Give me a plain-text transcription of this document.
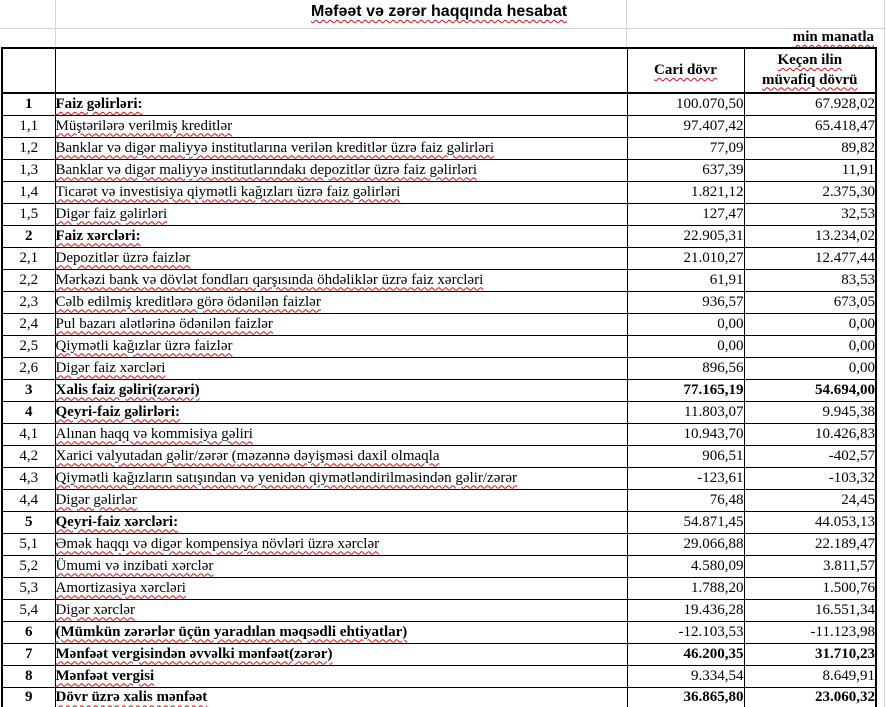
Məfəət və zərər haqqında hesabat
min manatla
		Cari dövr	Keçən ilin müvafiq dövrü
1	Faiz gəlirləri:	100.070,50	67.928,02
1,1	Müştərilərə verilmiş kreditlər	97.407,42	65.418,47
1,2	Banklar və digər maliyyə institutlarına verilən kreditlər üzrə faiz gəlirləri	77,09	89,82
1,3	Banklar və digər maliyyə institutlarındakı depozitlər üzrə faiz gəlirləri	637,39	11,91
1,4	Ticarət və investisiya qiymətli kağızları üzrə faiz gəlirləri	1.821,12	2.375,30
1,5	Digər faiz gəlirləri	127,47	32,53
2	Faiz xərcləri:	22.905,31	13.234,02
2,1	Depozitlər üzrə faizlər	21.010,27	12.477,44
2,2	Mərkəzi bank və dövlət fondları qarşısında öhdəliklər üzrə faiz xərcləri	61,91	83,53
2,3	Cəlb edilmiş kreditlərə görə ödənilən faizlər	936,57	673,05
2,4	Pul bazarı alətlərinə ödənilən faizlər	0,00	0,00
2,5	Qiymətli kağızlar üzrə faizlər	0,00	0,00
2,6	Digər faiz xərcləri	896,56	0,00
3	Xalis faiz gəliri(zərəri)	77.165,19	54.694,00
4	Qeyri-faiz gəlirləri:	11.803,07	9.945,38
4,1	Alınan haqq və kommisiya gəliri	10.943,70	10.426,83
4,2	Xarici valyutadan gəlir/zərər (məzənnə dəyişməsi daxil olmaqla	906,51	-402,57
4,3	Qiymətli kağızların satışından və yenidən qiymətləndirilməsindən gəlir/zərər	-123,61	-103,32
4,4	Digər gəlirlər	76,48	24,45
5	Qeyri-faiz xərcləri:	54.871,45	44.053,13
5,1	Əmək haqqı və digər kompensiya növləri üzrə xərclər	29.066,88	22.189,47
5,2	Ümumi və inzibati xərclər	4.580,09	3.811,57
5,3	Amortizasiya xərcləri	1.788,20	1.500,76
5,4	Digər xərclər	19.436,28	16.551,34
6	(Mümkün zərərlər üçün yaradılan məqsədli ehtiyatlar)	-12.103,53	-11.123,98
7	Mənfəət vergisindən əvvəlki mənfəət(zərər)	46.200,35	31.710,23
8	Mənfəət vergisi	9.334,54	8.649,91
9	Dövr üzrə xalis mənfəət	36.865,80	23.060,32
